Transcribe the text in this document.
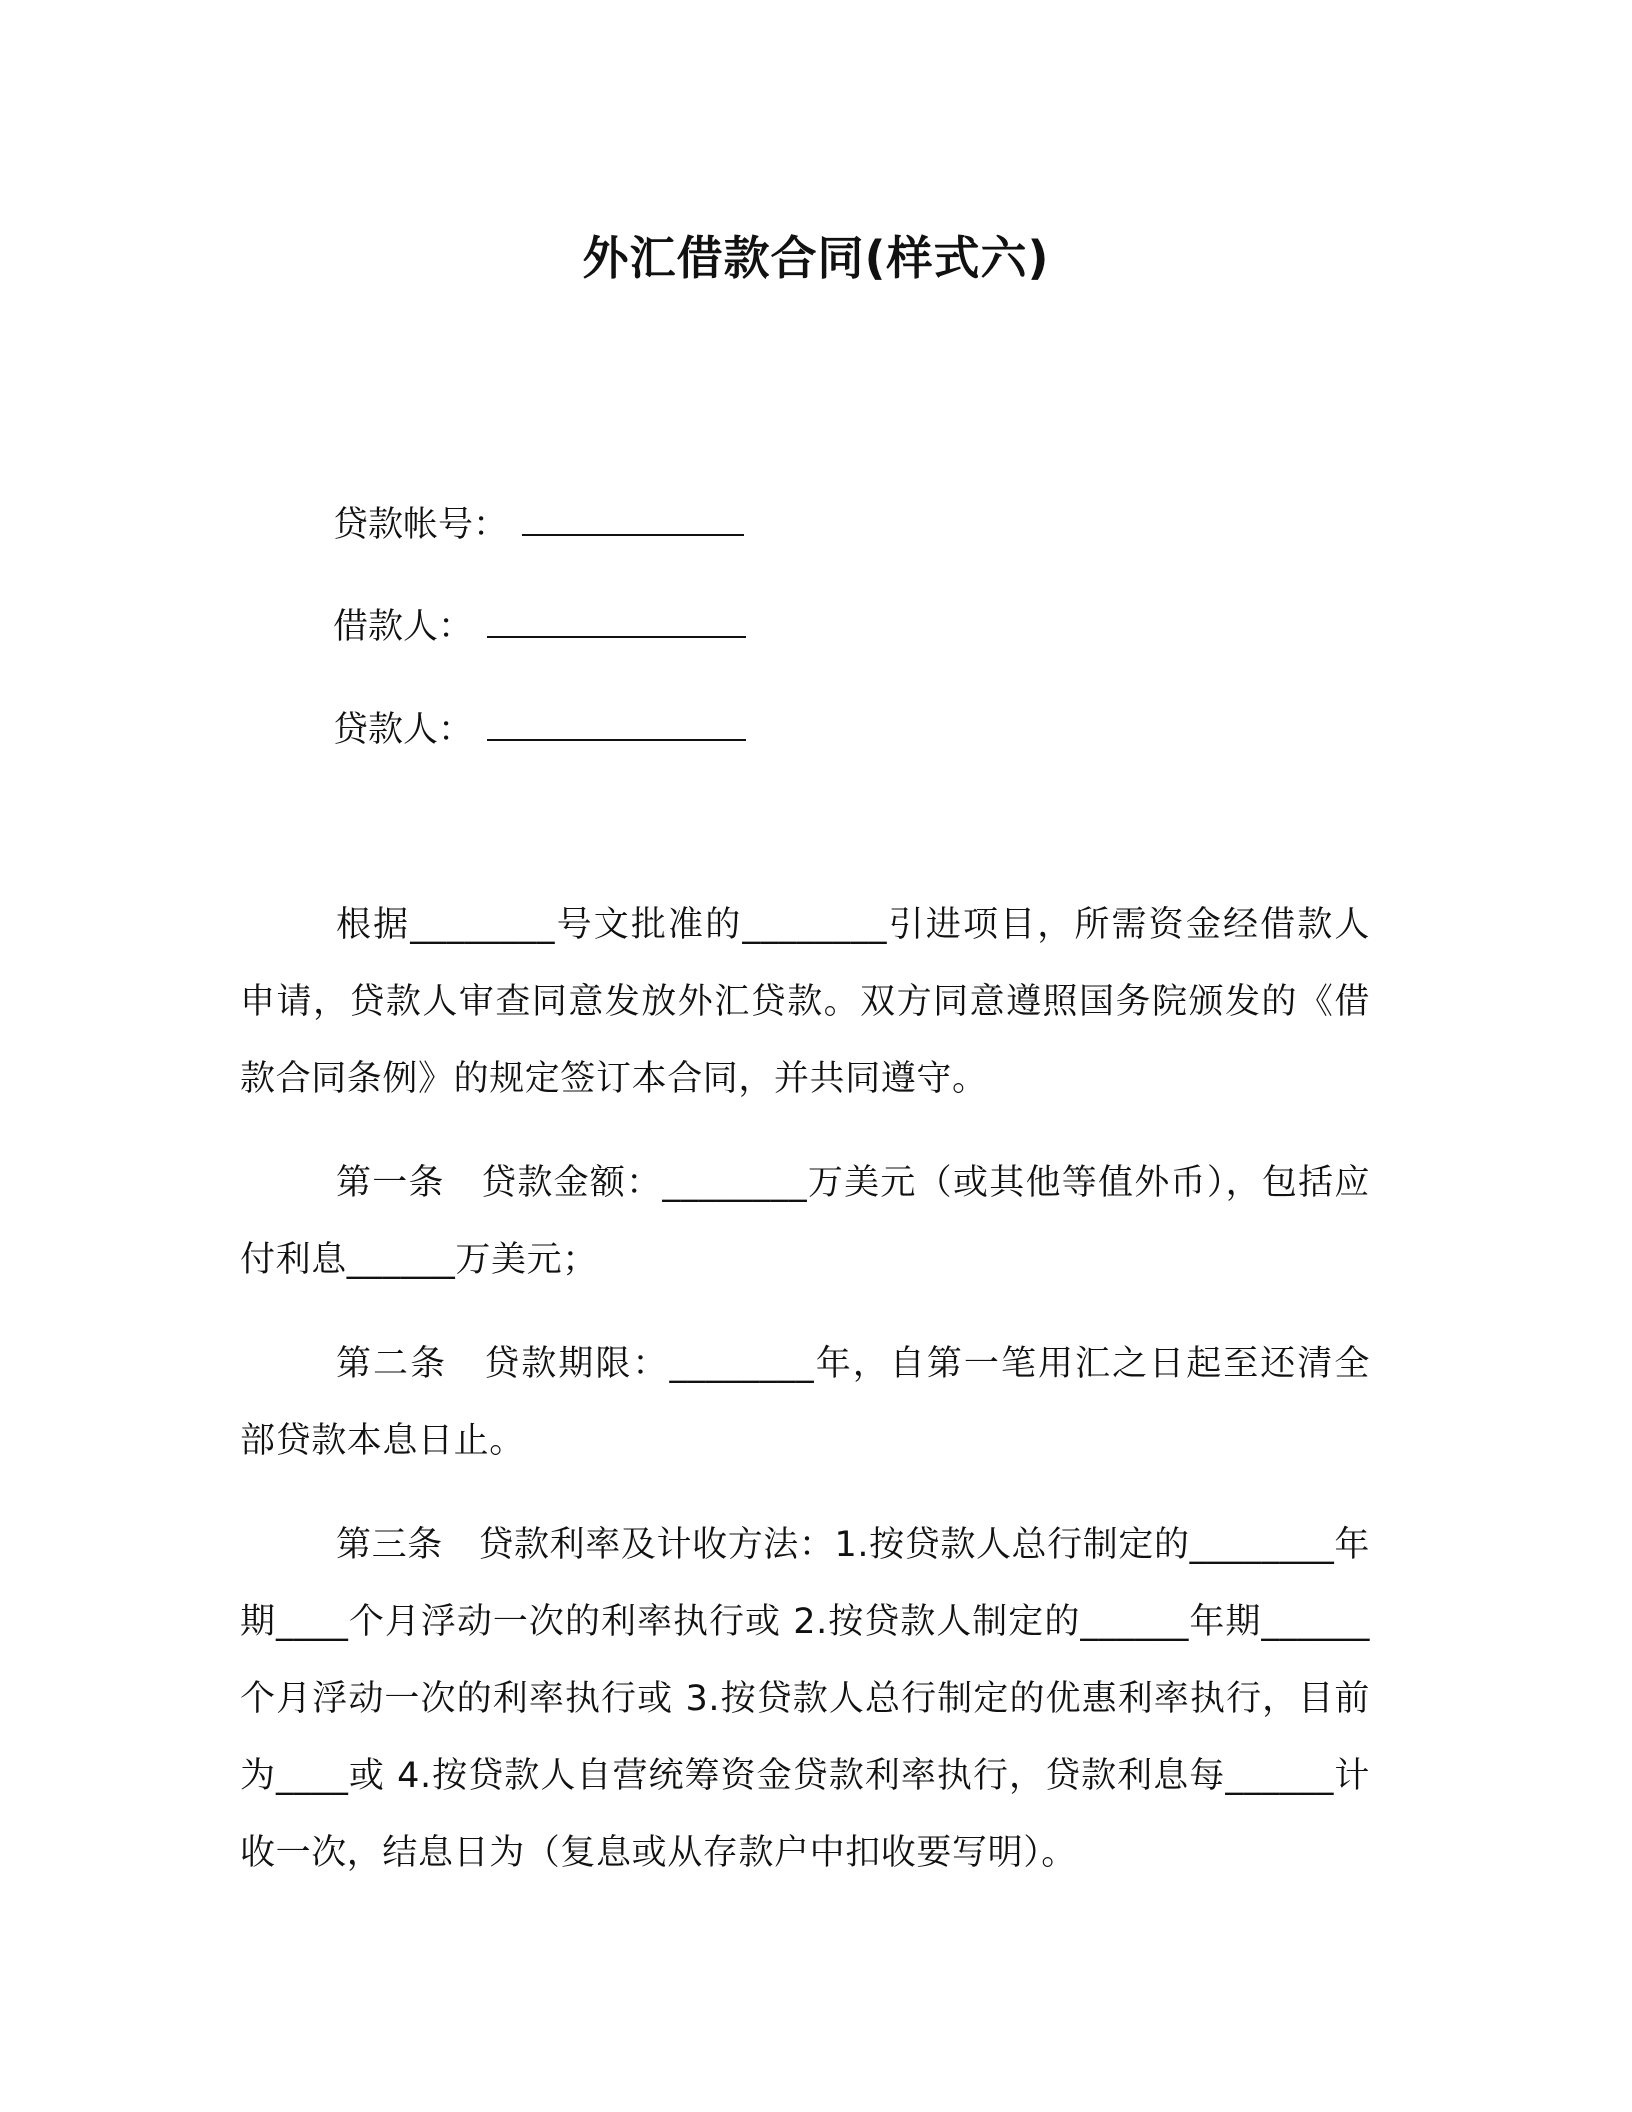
外汇借款合同(样式六)
贷款帐号：
借款人：
贷款人：

根据________号文批准的________引进项目，所需资金经借款人申请，贷款人审查同意发放外汇贷款。双方同意遵照国务院颁发的《借款合同条例》的规定签订本合同，并共同遵守。

第一条　贷款金额：________万美元（或其他等值外币），包括应付利息______万美元；

第二条　贷款期限：________年，自第一笔用汇之日起至还清全部贷款本息日止。

第三条　贷款利率及计收方法：1.按贷款人总行制定的________年期____个月浮动一次的利率执行或 2.按贷款人制定的______年期______个月浮动一次的利率执行或 3.按贷款人总行制定的优惠利率执行，目前为____或 4.按贷款人自营统筹资金贷款利率执行，贷款利息每______计收一次，结息日为（复息或从存款户中扣收要写明）。
